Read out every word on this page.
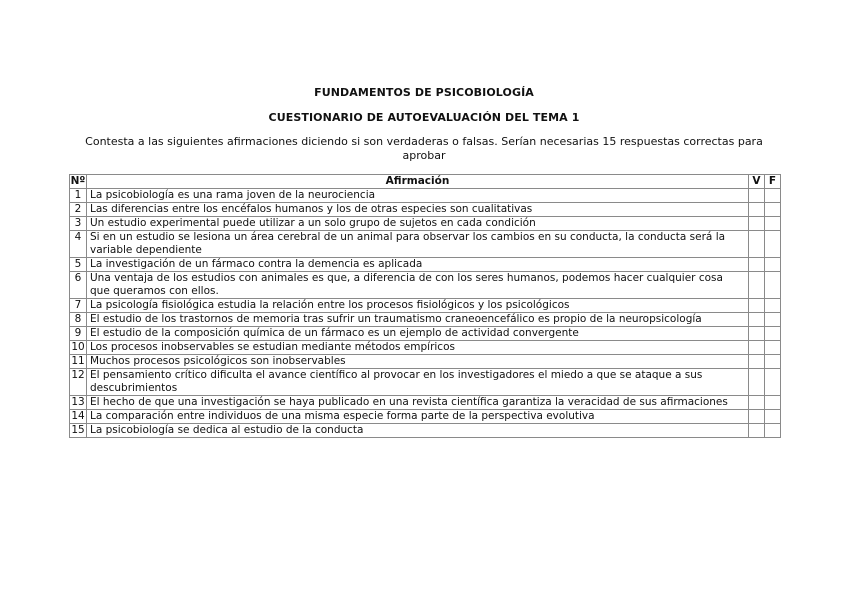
FUNDAMENTOS DE PSICOBIOLOGÍA
CUESTIONARIO DE AUTOEVALUACIÓN DEL TEMA 1
Contesta a las siguientes afirmaciones diciendo si son verdaderas o falsas. Serían necesarias 15 respuestas correctas para aprobar
Nº	Afirmación	V	F
1	La psicobiología es una rama joven de la neurociencia		
2	Las diferencias entre los encéfalos humanos y los de otras especies son cualitativas		
3	Un estudio experimental puede utilizar a un solo grupo de sujetos en cada condición		
4	Si en un estudio se lesiona un área cerebral de un animal para observar los cambios en su conducta, la conducta será la variable dependiente		
5	La investigación de un fármaco contra la demencia es aplicada		
6	Una ventaja de los estudios con animales es que, a diferencia de con los seres humanos, podemos hacer cualquier cosa que queramos con ellos.		
7	La psicología fisiológica estudia la relación entre los procesos fisiológicos y los psicológicos		
8	El estudio de los trastornos de memoria tras sufrir un traumatismo craneoencefálico es propio de la neuropsicología		
9	El estudio de la composición química de un fármaco es un ejemplo de actividad convergente		
10	Los procesos inobservables se estudian mediante métodos empíricos		
11	Muchos procesos psicológicos son inobservables		
12	El pensamiento crítico dificulta el avance científico al provocar en los investigadores el miedo a que se ataque a sus descubrimientos		
13	El hecho de que una investigación se haya publicado en una revista científica garantiza la veracidad de sus afirmaciones		
14	La comparación entre individuos de una misma especie forma parte de la perspectiva evolutiva		
15	La psicobiología se dedica al estudio de la conducta		
